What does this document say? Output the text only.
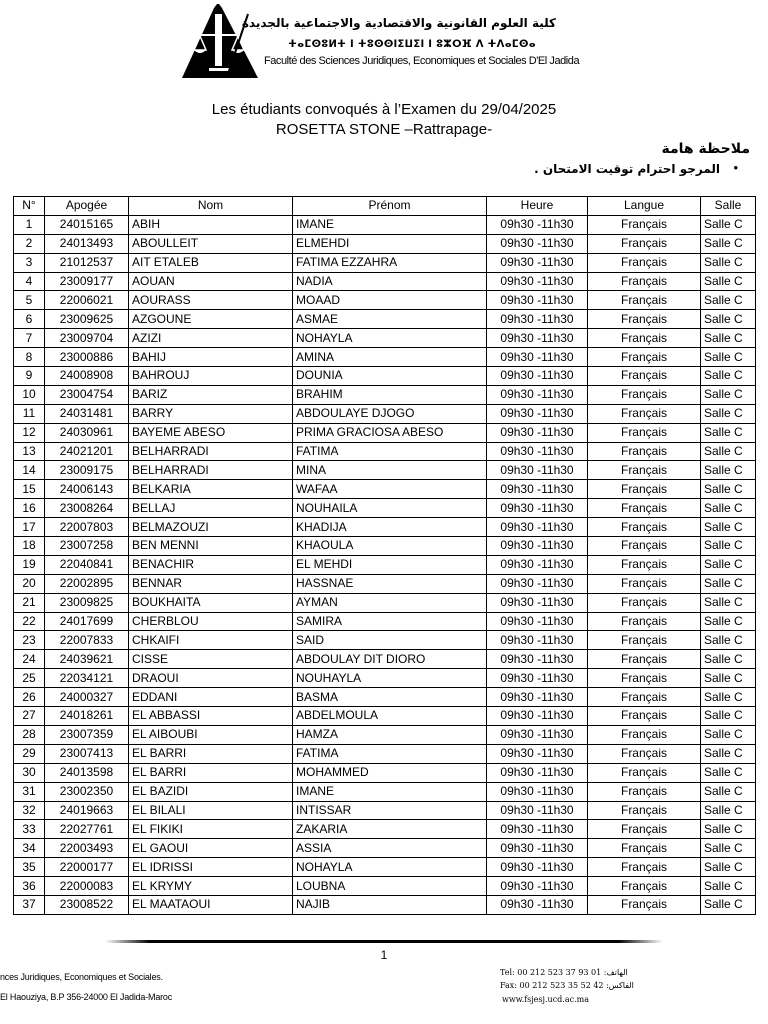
كلية العلوم القانونية والاقتصادية والاجتماعية بالجديدة
ⵜⴰⵎⵙⵓⵍⵜ ⵏ ⵜⵓⵙⵙⵏⵉⵡⵉⵏ ⵏ ⵓⵣⵔⴼ ⴷ ⵜⴷⴰⵎⵙⴰ
Faculté des Sciences Juridiques, Economiques et Sociales D'El Jadida
Les étudiants convoqués à l’Examen du 29/04/2025
ROSETTA STONE –Rattrapage-
ملاحظة هامة
•
المرجو احترام توقيت الامتحان .
N°	Apogée	Nom	Prénom	Heure	Langue	Salle
1	24015165	ABIH	IMANE	09h30 -11h30	Français	Salle C
2	24013493	ABOULLEIT	ELMEHDI	09h30 -11h30	Français	Salle C
3	21012537	AIT ETALEB	FATIMA EZZAHRA	09h30 -11h30	Français	Salle C
4	23009177	AOUAN	NADIA	09h30 -11h30	Français	Salle C
5	22006021	AOURASS	MOAAD	09h30 -11h30	Français	Salle C
6	23009625	AZGOUNE	ASMAE	09h30 -11h30	Français	Salle C
7	23009704	AZIZI	NOHAYLA	09h30 -11h30	Français	Salle C
8	23000886	BAHIJ	AMINA	09h30 -11h30	Français	Salle C
9	24008908	BAHROUJ	DOUNIA	09h30 -11h30	Français	Salle C
10	23004754	BARIZ	BRAHIM	09h30 -11h30	Français	Salle C
11	24031481	BARRY	ABDOULAYE DJOGO	09h30 -11h30	Français	Salle C
12	24030961	BAYEME ABESO	PRIMA GRACIOSA ABESO	09h30 -11h30	Français	Salle C
13	24021201	BELHARRADI	FATIMA	09h30 -11h30	Français	Salle C
14	23009175	BELHARRADI	MINA	09h30 -11h30	Français	Salle C
15	24006143	BELKARIA	WAFAA	09h30 -11h30	Français	Salle C
16	23008264	BELLAJ	NOUHAILA	09h30 -11h30	Français	Salle C
17	22007803	BELMAZOUZI	KHADIJA	09h30 -11h30	Français	Salle C
18	23007258	BEN MENNI	KHAOULA	09h30 -11h30	Français	Salle C
19	22040841	BENACHIR	EL MEHDI	09h30 -11h30	Français	Salle C
20	22002895	BENNAR	HASSNAE	09h30 -11h30	Français	Salle C
21	23009825	BOUKHAITA	AYMAN	09h30 -11h30	Français	Salle C
22	24017699	CHERBLOU	SAMIRA	09h30 -11h30	Français	Salle C
23	22007833	CHKAIFI	SAID	09h30 -11h30	Français	Salle C
24	24039621	CISSE	ABDOULAY DIT DIORO	09h30 -11h30	Français	Salle C
25	22034121	DRAOUI	NOUHAYLA	09h30 -11h30	Français	Salle C
26	24000327	EDDANI	BASMA	09h30 -11h30	Français	Salle C
27	24018261	EL ABBASSI	ABDELMOULA	09h30 -11h30	Français	Salle C
28	23007359	EL AIBOUBI	HAMZA	09h30 -11h30	Français	Salle C
29	23007413	EL BARRI	FATIMA	09h30 -11h30	Français	Salle C
30	24013598	EL BARRI	MOHAMMED	09h30 -11h30	Français	Salle C
31	23002350	EL BAZIDI	IMANE	09h30 -11h30	Français	Salle C
32	24019663	EL BILALI	INTISSAR	09h30 -11h30	Français	Salle C
33	22027761	EL FIKIKI	ZAKARIA	09h30 -11h30	Français	Salle C
34	22003493	EL GAOUI	ASSIA	09h30 -11h30	Français	Salle C
35	22000177	EL IDRISSI	NOHAYLA	09h30 -11h30	Français	Salle C
36	22000083	EL KRYMY	LOUBNA	09h30 -11h30	Français	Salle C
37	23008522	EL MAATAOUI	NAJIB	09h30 -11h30	Français	Salle C
1
nces Juridiques, Economiques et Sociales.
El Haouziya, B.P 356-24000 El Jadida-Maroc
Tel: 00 212 523 37 93 01 :الهاتف
Fax: 00 212 523 35 52 42 :الفاكس
www.fsjesj.ucd.ac.ma
